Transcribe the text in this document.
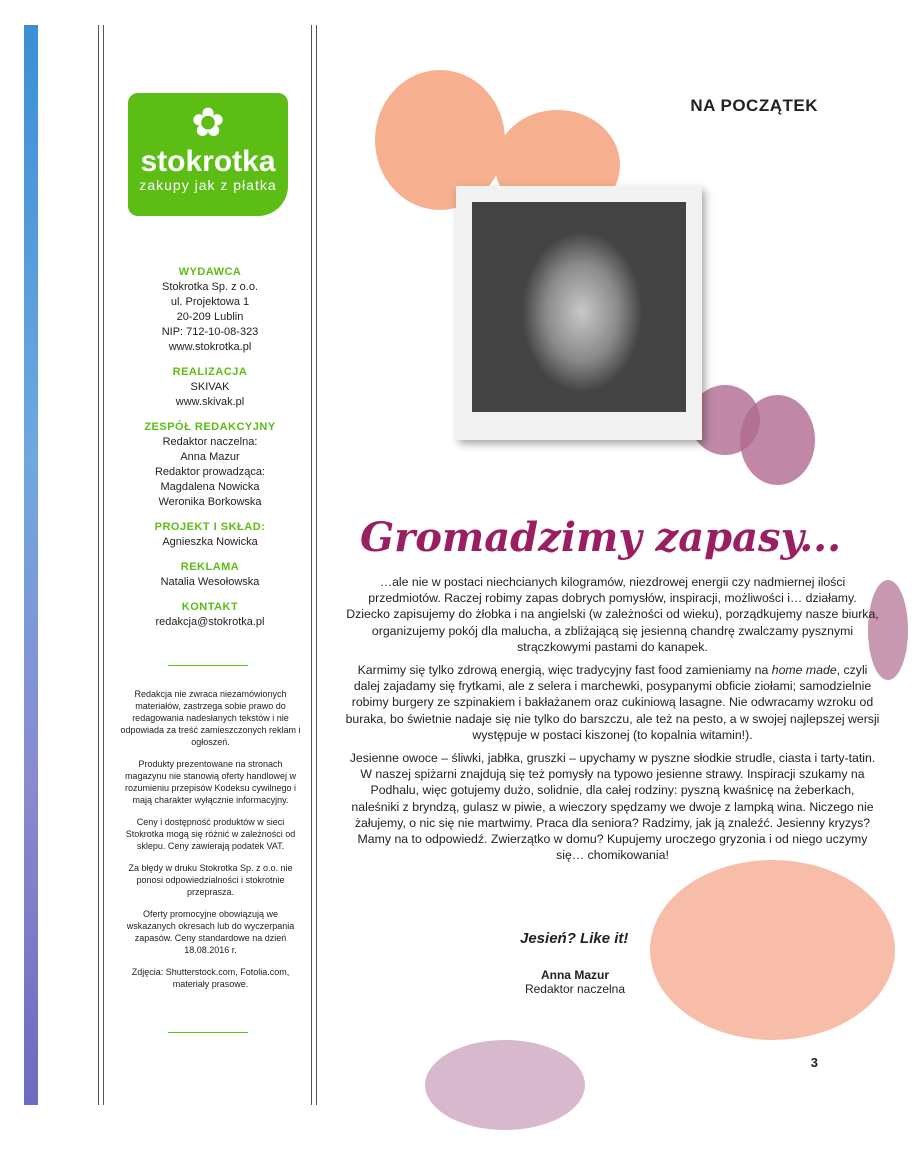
✿
stokrotka
zakupy jak z płatka
WYDAWCA
Stokrotka Sp. z o.o.
ul. Projektowa 1
20-209 Lublin
NIP: 712-10-08-323
www.stokrotka.pl
REALIZACJA
SKIVAK
www.skivak.pl
ZESPÓŁ REDAKCYJNY
Redaktor naczelna:
Anna Mazur
Redaktor prowadząca:
Magdalena Nowicka
Weronika Borkowska
PROJEKT I SKŁAD:
Agnieszka Nowicka
REKLAMA
Natalia Wesołowska
KONTAKT
redakcja@stokrotka.pl

Redakcja nie zwraca niezamówionych materiałów, zastrzega sobie prawo do redagowania nadesłanych tekstów i nie odpowiada za treść zamieszczonych reklam i ogłoszeń.

Produkty prezentowane na stronach magazynu nie stanowią oferty handlowej w rozumieniu przepisów Kodeksu cywilnego i mają charakter wyłącznie informacyjny.

Ceny i dostępność produktów w sieci Stokrotka mogą się różnić w zależności od sklepu. Ceny zawierają podatek VAT.

Za błędy w druku Stokrotka Sp. z o.o. nie ponosi odpowiedzialności i stokrotnie przeprasza.

Oferty promocyjne obowiązują we wskazanych okresach lub do wyczerpania zapasów. Ceny standardowe na dzień 18.08.2016 r.

Zdjęcia: Shutterstock.com, Fotolia.com, materiały prasowe.

NA POCZĄTEK
Gromadzimy zapasy...

…ale nie w postaci niechcianych kilogramów, niezdrowej energii czy nadmiernej ilości przedmiotów. Raczej robimy zapas dobrych pomysłów, inspiracji, możliwości i… działamy. Dziecko zapisujemy do żłobka i na angielski (w zależności od wieku), porządkujemy nasze biurka, organizujemy pokój dla malucha, a zbliżającą się jesienną chandrę zwalczamy pysznymi strączkowymi pastami do kanapek.

Karmimy się tylko zdrową energią, więc tradycyjny fast food zamieniamy na home made, czyli dalej zajadamy się frytkami, ale z selera i marchewki, posypanymi obficie ziołami; samodzielnie robimy burgery ze szpinakiem i bakłażanem oraz cukiniową lasagne. Nie odwracamy wzroku od buraka, bo świetnie nadaje się nie tylko do barszczu, ale też na pesto, a w swojej najlepszej wersji występuje w postaci kiszonej (to kopalnia witamin!).

Jesienne owoce – śliwki, jabłka, gruszki – upychamy w pyszne słodkie strudle, ciasta i tarty-tatin. W naszej spiżarni znajdują się też pomysły na typowo jesienne strawy. Inspiracji szukamy na Podhalu, więc gotujemy dużo, solidnie, dla całej rodziny: pyszną kwaśnicę na żeberkach, naleśniki z bryndzą, gulasz w piwie, a wieczory spędzamy we dwoje z lampką wina. Niczego nie żałujemy, o nic się nie martwimy. Praca dla seniora? Radzimy, jak ją znaleźć. Jesienny kryzys? Mamy na to odpowiedź. Zwierzątko w domu? Kupujemy uroczego gryzonia i od niego uczymy się… chomikowania!

Jesień? Like it!
Anna Mazur
Redaktor naczelna
3
